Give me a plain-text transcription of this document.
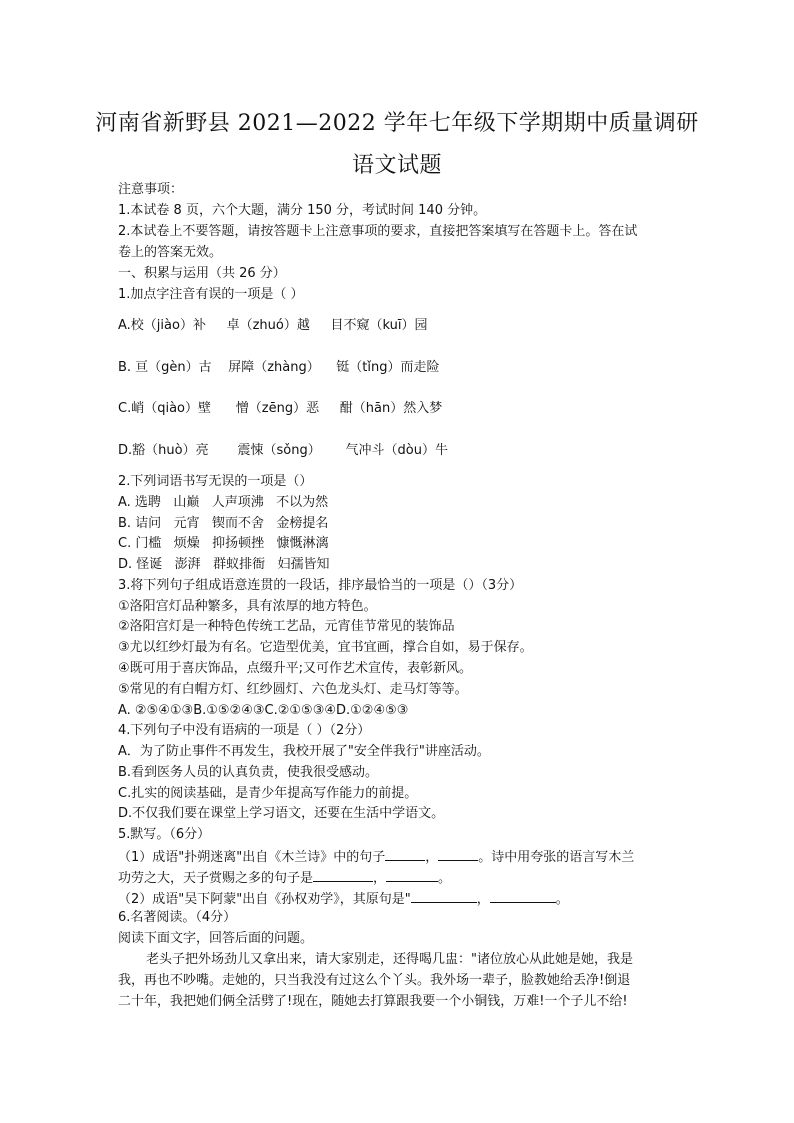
河南省新野县 2021—2022 学年七年级下学期期中质量调研
语文试题
注意事项：
1.本试卷 8 页，六个大题，满分 150 分，考试时间 140 分钟。
2.本试卷上不要答题，请按答题卡上注意事项的要求，直接把答案填写在答题卡上。答在试
卷上的答案无效。
一、积累与运用（共 26 分）
1.加点字注音有误的一项是（ ）
A.校（jiào）补     卓（zhuó）越     目不窥（kuī）园
B. 亘（gèn）古    屏障（zhàng）    铤（tǐng）而走险
C.峭（qiào）壁      憎（zēng）恶     酣（hān）然入梦
D.豁（huò）亮       震悚（sǒng）      气冲斗（dòu）牛
2.下列词语书写无误的一项是（）
A. 选聘   山巅   人声项沸   不以为然
B. 诘问   元宵   锲而不舍   金榜提名
C. 门槛   烦燥   抑扬顿挫   慷慨淋漓
D. 怪诞   澎湃   群蚁排衙   妇孺皆知
3.将下列句子组成语意连贯的一段话，排序最恰当的一项是（）（3分）
①洛阳宫灯品种繁多，具有浓厚的地方特色。
②洛阳宫灯是一种特色传统工艺品，元宵佳节常见的装饰品
③尤以红纱灯最为有名。它造型优美，宜书宜画，撑合自如，易于保存。
④既可用于喜庆饰品，点缀升平;又可作艺术宣传，表彰新风。
⑤常见的有白帽方灯、红纱圆灯、六色龙头灯、走马灯等等。
A. ②⑤④①③B.①⑤②④③C.②①⑤③④D.①②④⑤③
4.下列句子中没有语病的一项是（ ）（2分）
A．为了防止事件不再发生，我校开展了"安全伴我行"讲座活动。
B.看到医务人员的认真负责，使我很受感动。
C.扎实的阅读基础，是青少年提高写作能力的前提。
D.不仅我们要在课堂上学习语文，还要在生活中学语文。
5.默写。（6分）
（1）成语"扑朔迷离"出自《木兰诗》中的句子	，	。诗中用夸张的语言写木兰
功劳之大，天子赏赐之多的句子是	，	。
（2）成语"吴下阿蒙"出自《孙权劝学》，其原句是"	，	。
6.名著阅读。（4分）
阅读下面文字，回答后面的问题。
老头子把外场劲儿又拿出来，请大家别走，还得喝几盅："诸位放心从此她是她，我是
我，再也不吵嘴。走她的，只当我没有过这么个丫头。我外场一辈子，脸教她给丢净!倒退
二十年，我把她们俩全活劈了!现在，随她去打算跟我要一个小铜钱，万难!一个子儿不给!
